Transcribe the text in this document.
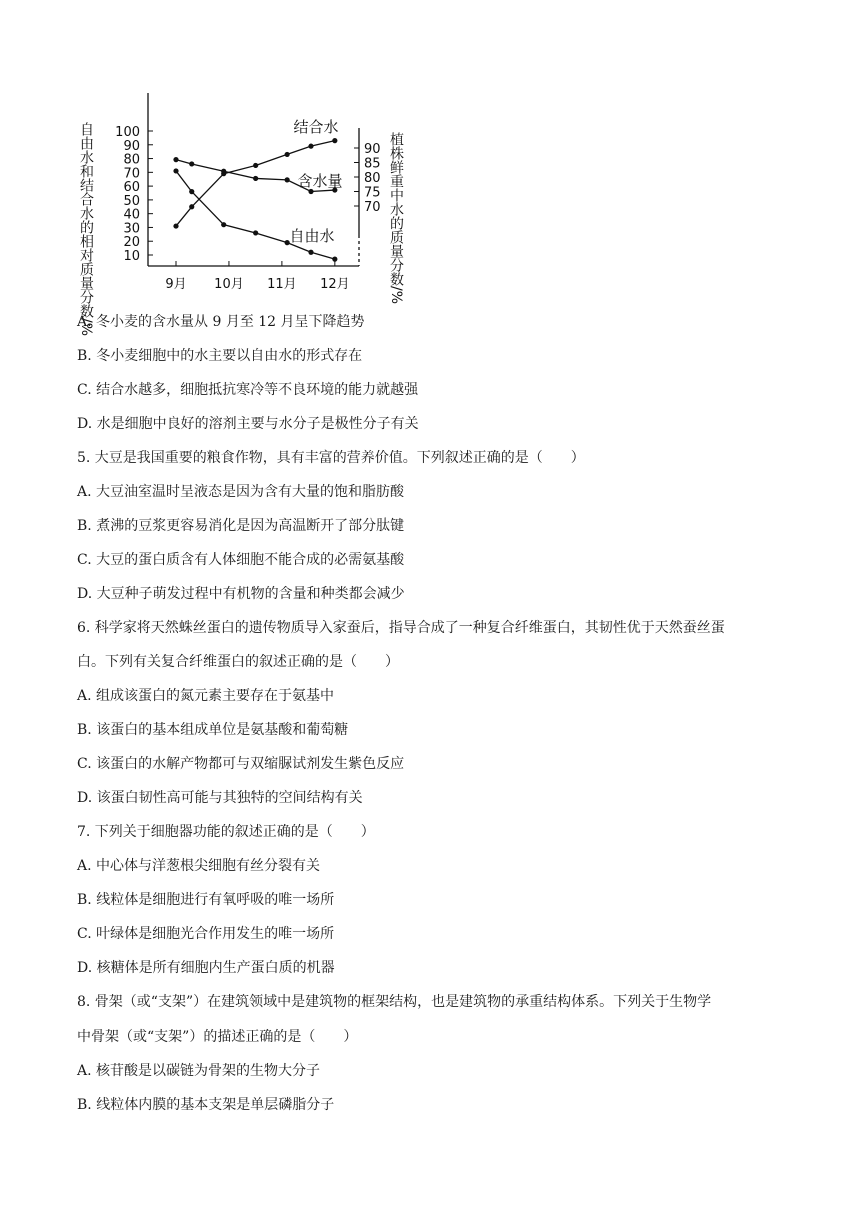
100
90
80
70
60
50
40
30
20
10
90
85
80
75
70
9月 10月 11月 12月
结合水
含水量
自由水
自由水和结合水的相对质量分数/%	植株鲜重中水的质量分数/%
A. 冬小麦的含水量从 9 月至 12 月呈下降趋势
B. 冬小麦细胞中的水主要以自由水的形式存在
C. 结合水越多，细胞抵抗寒冷等不良环境的能力就越强
D. 水是细胞中良好的溶剂主要与水分子是极性分子有关
5. 大豆是我国重要的粮食作物，具有丰富的营养价值。下列叙述正确的是（　　）
A. 大豆油室温时呈液态是因为含有大量的饱和脂肪酸
B. 煮沸的豆浆更容易消化是因为高温断开了部分肽键
C. 大豆的蛋白质含有人体细胞不能合成的必需氨基酸
D. 大豆种子萌发过程中有机物的含量和种类都会减少
6. 科学家将天然蛛丝蛋白的遗传物质导入家蚕后，指导合成了一种复合纤维蛋白，其韧性优于天然蚕丝蛋
白。下列有关复合纤维蛋白的叙述正确的是（　　）
A. 组成该蛋白的氮元素主要存在于氨基中
B. 该蛋白的基本组成单位是氨基酸和葡萄糖
C. 该蛋白的水解产物都可与双缩脲试剂发生紫色反应
D. 该蛋白韧性高可能与其独特的空间结构有关
7. 下列关于细胞器功能的叙述正确的是（　　）
A. 中心体与洋葱根尖细胞有丝分裂有关
B. 线粒体是细胞进行有氧呼吸的唯一场所
C. 叶绿体是细胞光合作用发生的唯一场所
D. 核糖体是所有细胞内生产蛋白质的机器
8. 骨架（或“支架”）在建筑领域中是建筑物的框架结构，也是建筑物的承重结构体系。下列关于生物学
中骨架（或“支架”）的描述正确的是（　　）
A. 核苷酸是以碳链为骨架的生物大分子
B. 线粒体内膜的基本支架是单层磷脂分子
